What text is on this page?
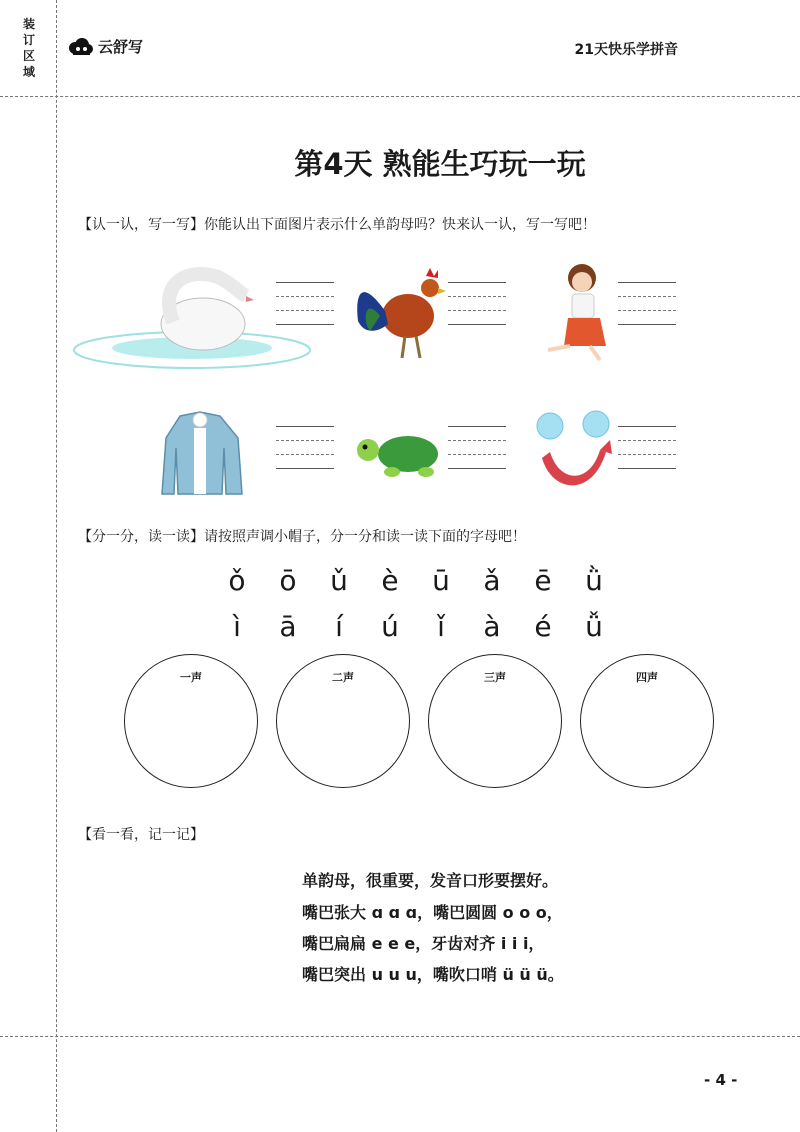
装订区域
云舒写	21天快乐学拼音
第4天 熟能生巧玩一玩
【认一认，写一写】你能认出下面图片表示什么单韵母吗？快来认一认，写一写吧！
【分一分，读一读】请按照声调小帽子，分一分和读一读下面的字母吧！
ǒ ō ǔ è ū ǎ ē ǜ
ì ā í ú ǐ à é ǚ
一声	二声	三声	四声
【看一看，记一记】
单韵母，很重要，发音口形要摆好。
嘴巴张大 ɑ ɑ ɑ，嘴巴圆圆 o o o，
嘴巴扁扁 e e e，牙齿对齐 i i i，
嘴巴突出 u u u，嘴吹口哨 ü ü ü。
- 4 -
